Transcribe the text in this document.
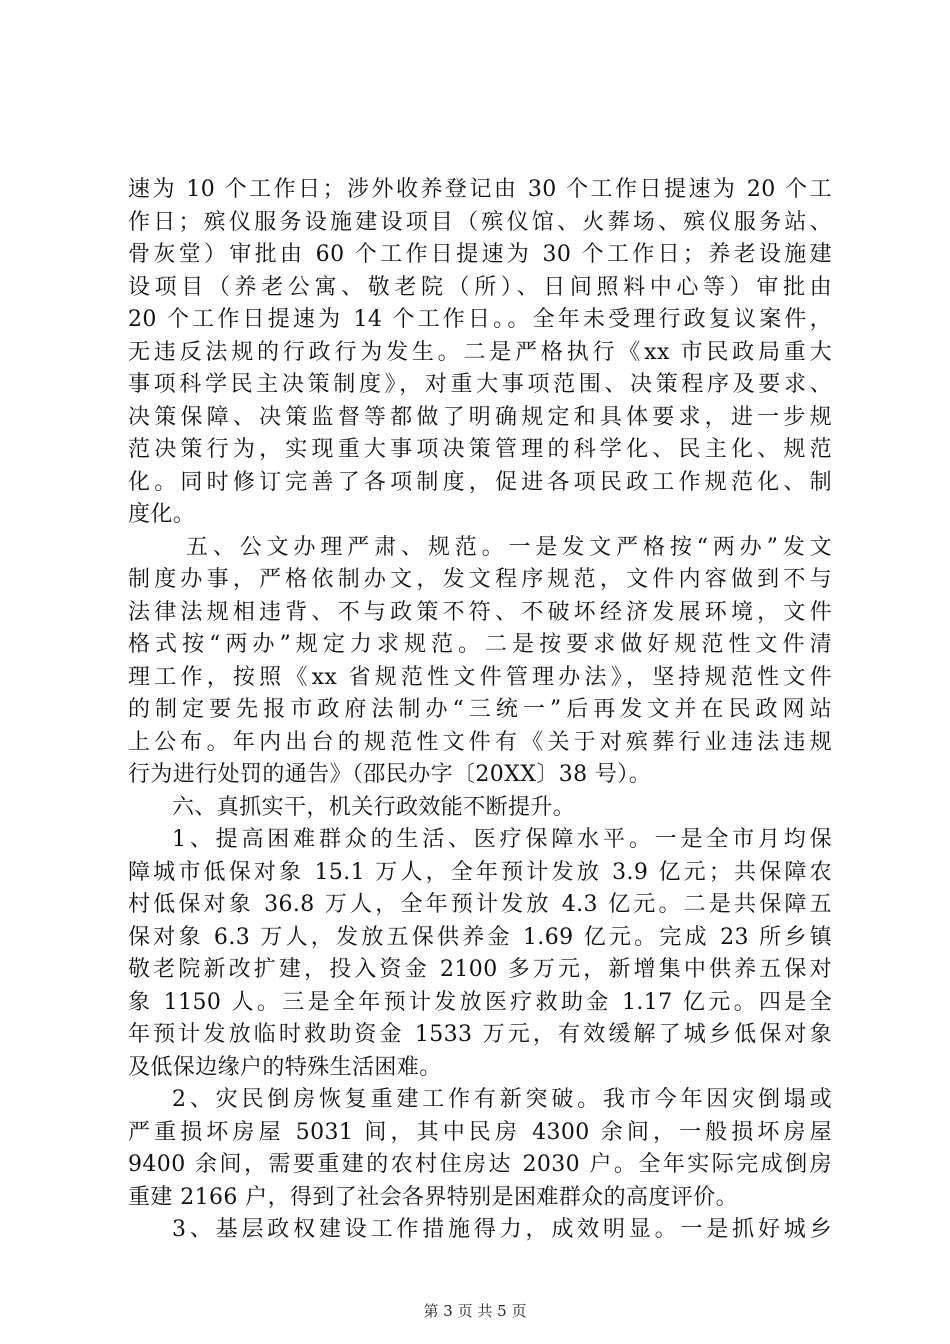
速为 10 个工作日；涉外收养登记由 30 个工作日提速为 20 个工
作日；殡仪服务设施建设项目（殡仪馆、火葬场、殡仪服务站、
骨灰堂）审批由 60 个工作日提速为 30 个工作日；养老设施建
设项目（养老公寓、敬老院（所）、日间照料中心等）审批由
20 个工作日提速为 14 个工作日。。全年未受理行政复议案件，
无违反法规的行政行为发生。二是严格执行《xx 市民政局重大
事项科学民主决策制度》，对重大事项范围、决策程序及要求、
决策保障、决策监督等都做了明确规定和具体要求，进一步规
范决策行为，实现重大事项决策管理的科学化、民主化、规范
化。同时修订完善了各项制度，促进各项民政工作规范化、制
度化。
五、公文办理严肃、规范。一是发文严格按“两办”发文
制度办事，严格依制办文，发文程序规范，文件内容做到不与
法律法规相违背、不与政策不符、不破坏经济发展环境，文件
格式按“两办”规定力求规范。二是按要求做好规范性文件清
理工作，按照《xx 省规范性文件管理办法》，坚持规范性文件
的制定要先报市政府法制办“三统一”后再发文并在民政网站
上公布。年内出台的规范性文件有《关于对殡葬行业违法违规
行为进行处罚的通告》（邵民办字〔20XX〕38 号）。
六、真抓实干，机关行政效能不断提升。
1、提高困难群众的生活、医疗保障水平。一是全市月均保
障城市低保对象 15.1 万人，全年预计发放 3.9 亿元；共保障农
村低保对象 36.8 万人，全年预计发放 4.3 亿元。二是共保障五
保对象 6.3 万人，发放五保供养金 1.69 亿元。完成 23 所乡镇
敬老院新改扩建，投入资金 2100 多万元，新增集中供养五保对
象 1150 人。三是全年预计发放医疗救助金 1.17 亿元。四是全
年预计发放临时救助资金 1533 万元，有效缓解了城乡低保对象
及低保边缘户的特殊生活困难。
2、灾民倒房恢复重建工作有新突破。我市今年因灾倒塌或
严重损坏房屋 5031 间，其中民房 4300 余间，一般损坏房屋
9400 余间，需要重建的农村住房达 2030 户。全年实际完成倒房
重建 2166 户，得到了社会各界特别是困难群众的高度评价。
3、基层政权建设工作措施得力，成效明显。一是抓好城乡
第 3 页 共 5 页
